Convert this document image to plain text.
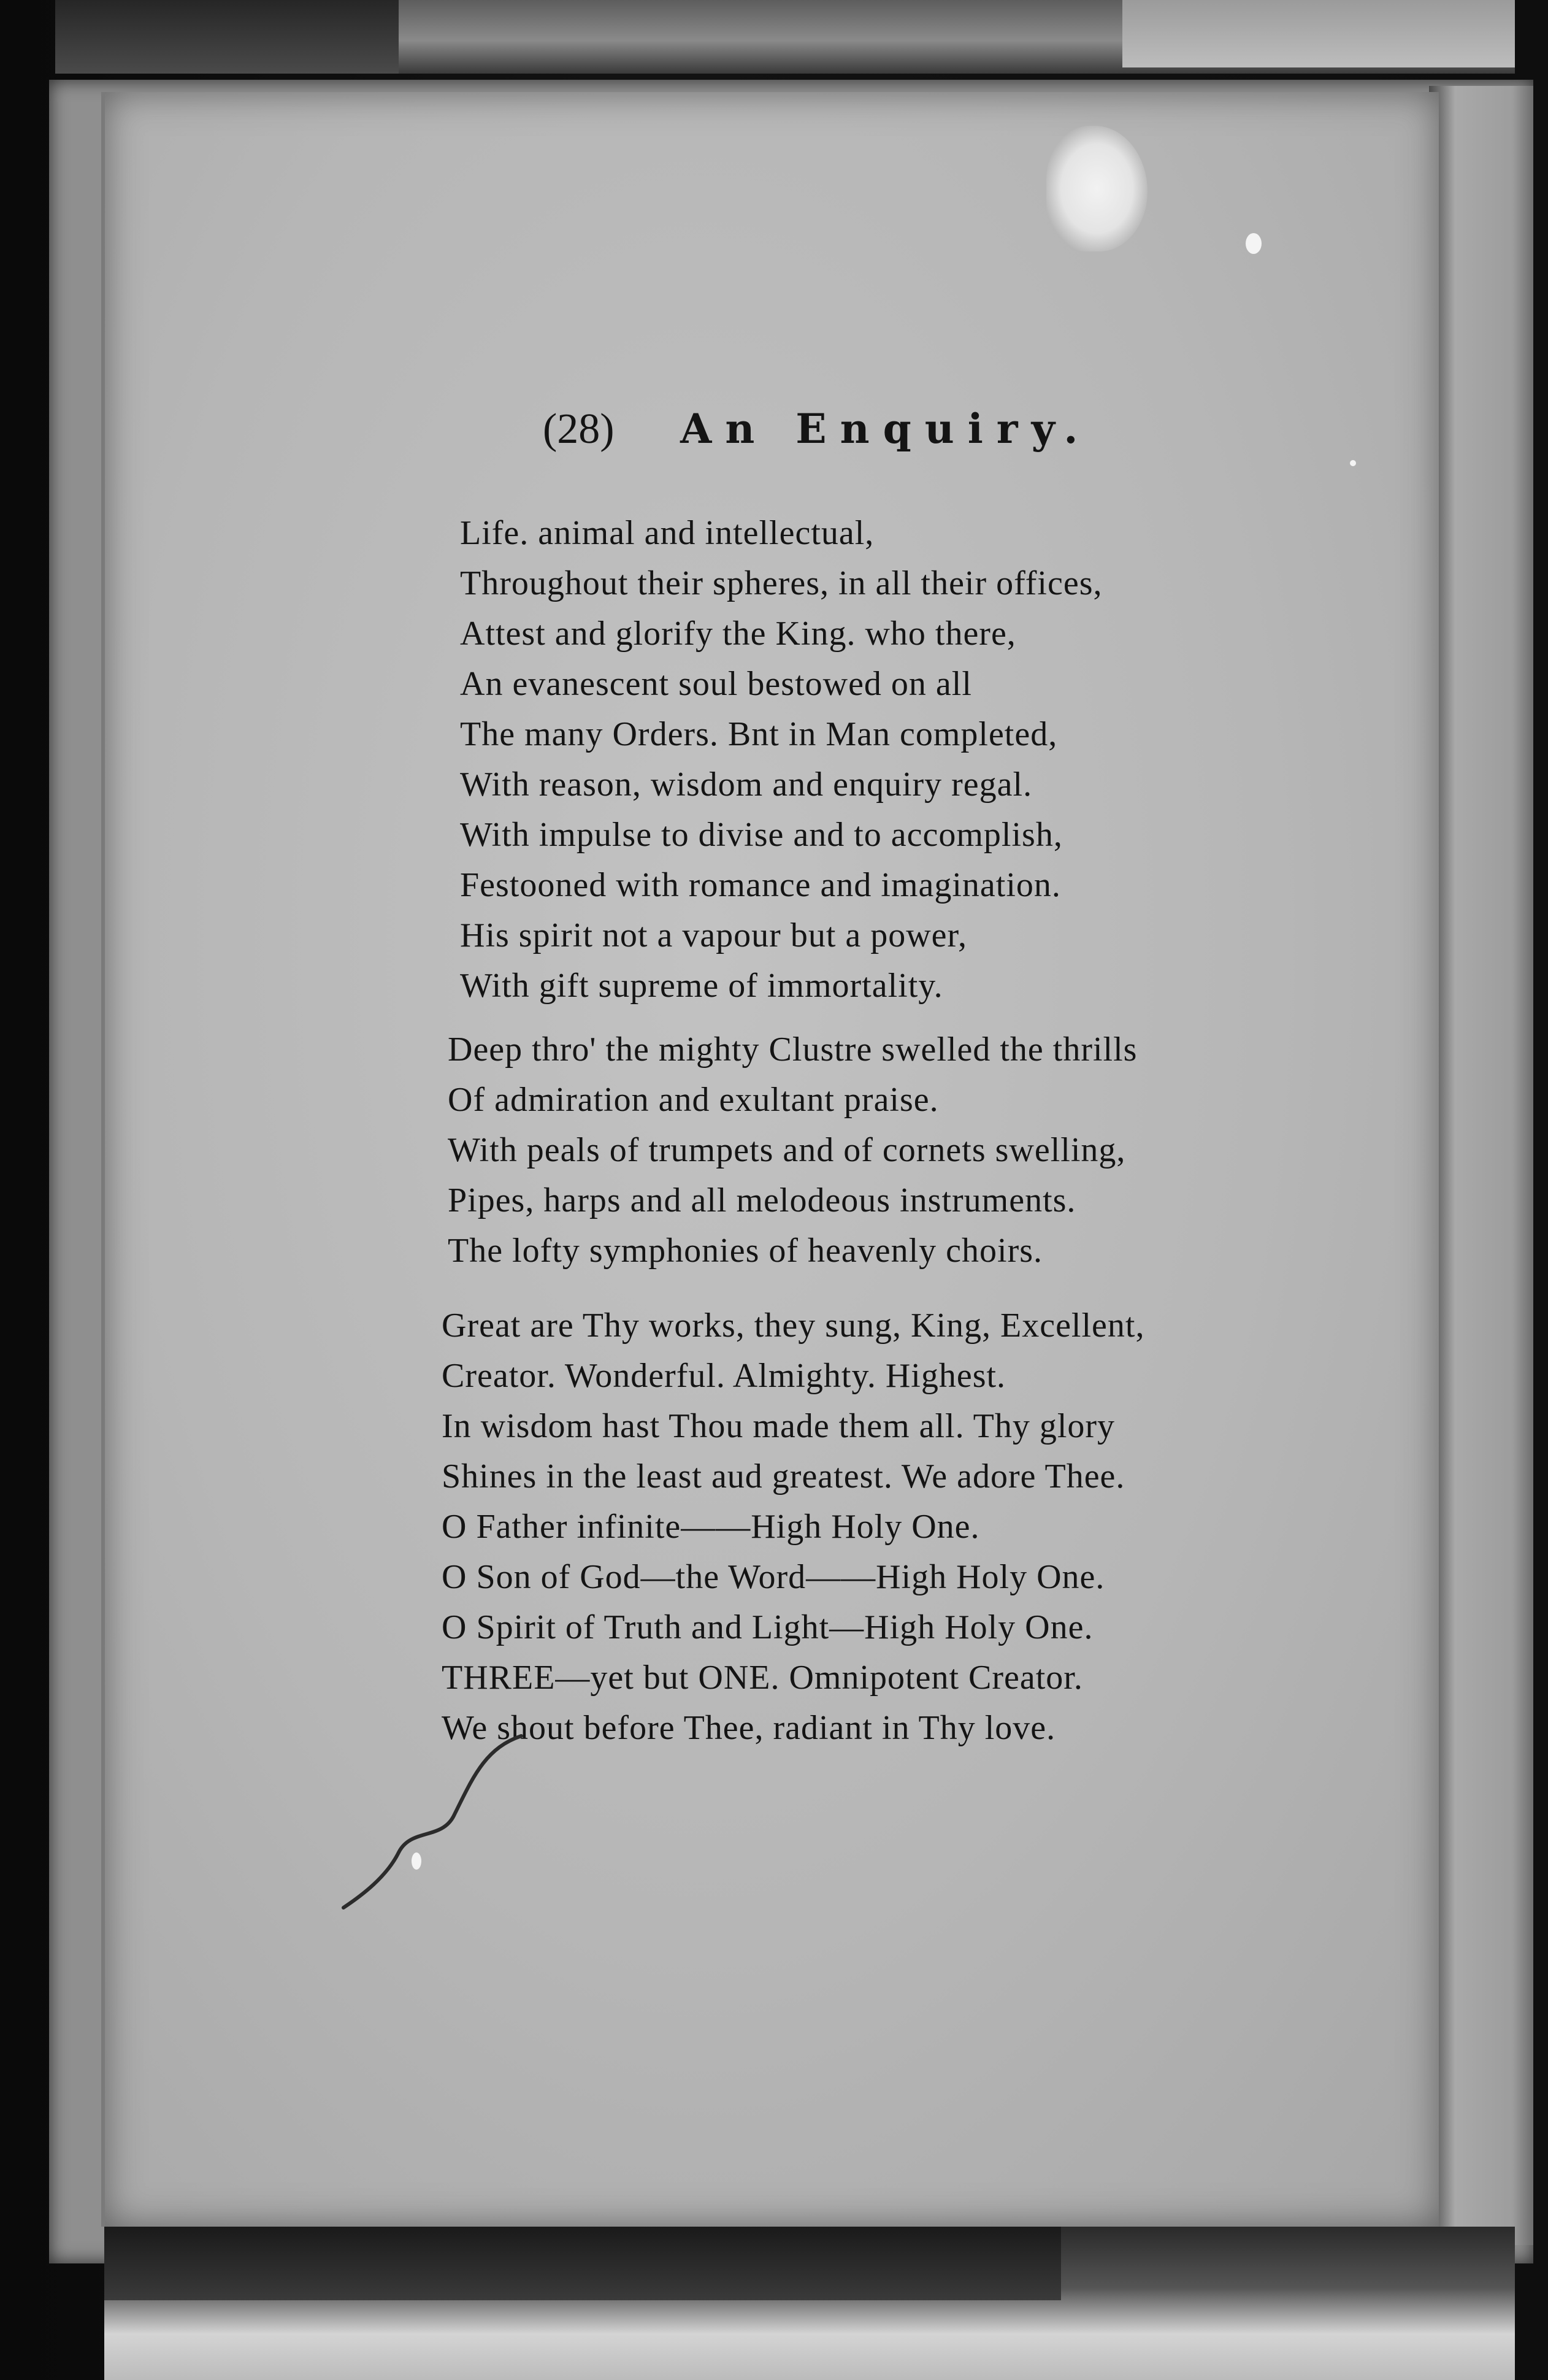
(28) An Enquiry.
Life. animal and intellectual,
Throughout their spheres, in all their offices,
Attest and glorify the King. who there,
An evanescent soul bestowed on all
The many Orders. Bnt in Man completed,
With reason, wisdom and enquiry regal.
With impulse to divise and to accomplish,
Festooned with romance and imagination.
His spirit not a vapour but a power,
With gift supreme of immortality.
Deep thro' the mighty Clustre swelled the thrills
Of admiration and exultant praise.
With peals of trumpets and of cornets swelling,
Pipes, harps and all melodeous instruments.
The lofty symphonies of heavenly choirs.
Great are Thy works, they sung, King, Excellent,
Creator. Wonderful. Almighty. Highest.
In wisdom hast Thou made them all. Thy glory
Shines in the least aud greatest. We adore Thee.
O Father infinite——High Holy One.
O Son of God—the Word——High Holy One.
O Spirit of Truth and Light—High Holy One.
THREE—yet but ONE. Omnipotent Creator.
We shout before Thee, radiant in Thy love.
